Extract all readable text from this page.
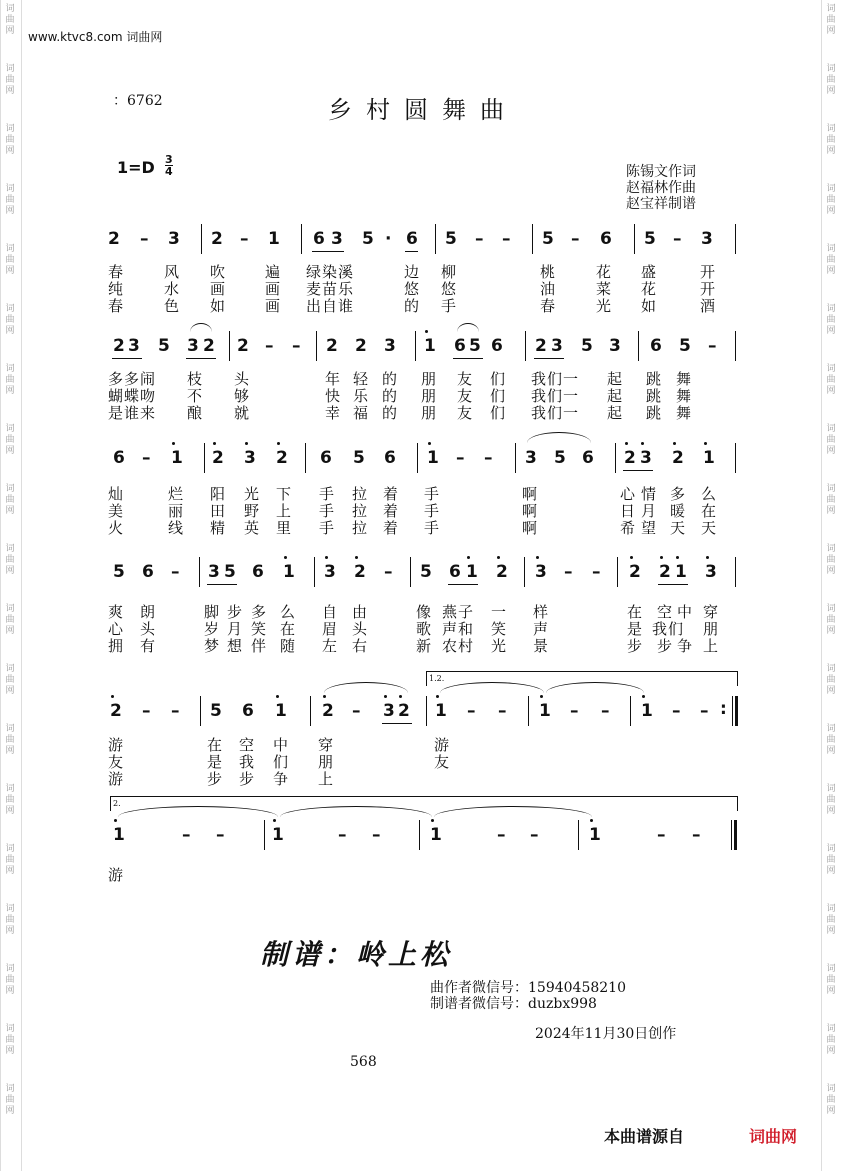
词
曲
网
词
曲
网
词
曲
网
词
曲
网
词
曲
网
词
曲
网
词
曲
网
词
曲
网
词
曲
网
词
曲
网
词
曲
网
词
曲
网
词
曲
网
词
曲
网
词
曲
网
词
曲
网
词
曲
网
词
曲
网
词
曲
网
词
曲
网
词
曲
网
词
曲
网
词
曲
网
词
曲
网
词
曲
网
词
曲
网
词
曲
网
词
曲
网
词
曲
网
词
曲
网
词
曲
网
词
曲
网
词
曲
网
词
曲
网
词
曲
网
词
曲
网
词
曲
网
词
曲
网
www.ktvc8.com 词曲网
：6762	乡村圆舞曲
1=D 3
4	陈锡文作词
赵福林作曲
赵宝祥制谱
2 – 3 2 – 1 6 3 5 · 6 5 – – 5 – 6 5 – 3
春	风 吹	遍 绿染溪	边 柳	桃	花 盛	开
纯	水 画	画 麦苗乐	悠 悠	油	菜 花	开
春	色 如	画 出自谁	的 手	春	光 如	酒
2 3 5 3 2 2 – – 2 2 3 1 6 5 6 2 3 5 3 6 5 –
多多闹 枝 头	年 轻 的 朋 友 们 我们一 起 跳 舞
蝴蝶吻 不 够	快 乐 的 朋 友 们 我们一 起 跳 舞
是谁来 酿 就	幸 福 的 朋 友 们 我们一 起 跳 舞
6 – 1 2 3 2 6 5 6 1 – – 3 5 6 2 3 2 1
灿	烂 阳 光 下 手 拉 着 手	啊	心 情 多 么
美	丽 田 野 上 手 拉 着 手	啊	日 月 暖 在
火	线 精 英 里 手 拉 着 手	啊	希 望 天 天
5 6 – 3 5 6 1 3 2 – 5 6 1 2 3 – – 2 2 1 3
爽 朗	脚 步 多 么 自 由	像 燕子 一 样	在 空 中 穿
心 头	岁 月 笑 在 眉 头	歌 声和 笑 声	是 我们 朋
拥 有	梦 想 伴 随 左 右	新 农村 光 景	步 步 争 上
1.2.
2 – – 5 6 1 2 – 3 2 1 – – 1 – – 1 – – :
游	在 空 中 穿	游
友	是 我 们 朋	友
游	步 步 争 上
2.
1	– –	1	– –	1	– –	1	– –
游
制谱：岭上松
曲作者微信号：15940458210
制谱者微信号：duzbx998
2024年11月30日创作
568
本曲谱源自	词曲网
